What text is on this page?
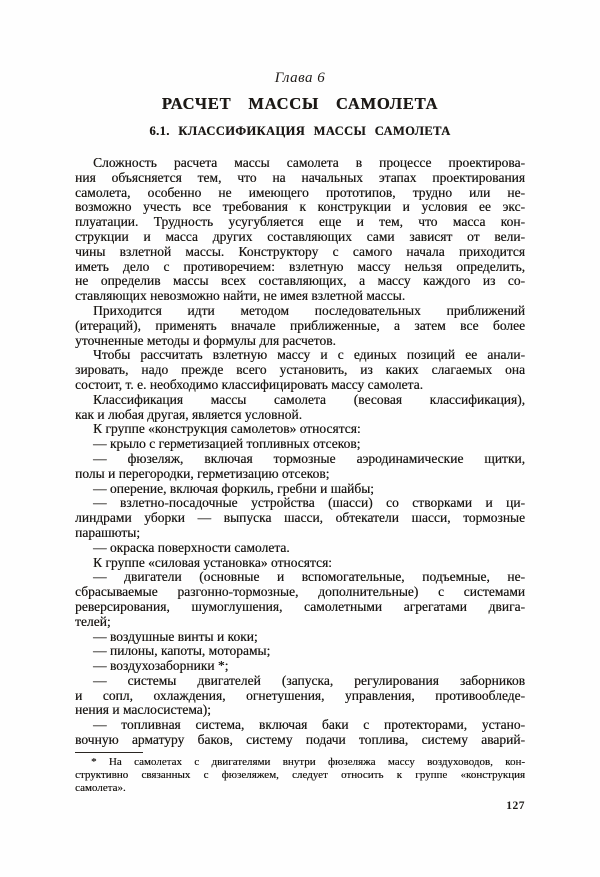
Глава 6
РАСЧЕТ МАССЫ САМОЛЕТА
6.1. КЛАССИФИКАЦИЯ МАССЫ САМОЛЕТА
Сложность расчета массы самолета в процессе проектирова-
ния объясняется тем, что на начальных этапах проектирования
самолета, особенно не имеющего прототипов, трудно или не-
возможно учесть все требования к конструкции и условия ее экс-
плуатации. Трудность усугубляется еще и тем, что масса кон-
струкции и масса других составляющих сами зависят от вели-
чины взлетной массы. Конструктору с самого начала приходится
иметь дело с противоречием: взлетную массу нельзя определить,
не определив массы всех составляющих, а массу каждого из со-
ставляющих невозможно найти, не имея взлетной массы.
Приходится идти методом последовательных приближений
(итераций), применять вначале приближенные, а затем все более
уточненные методы и формулы для расчетов.
Чтобы рассчитать взлетную массу и с единых позиций ее анали-
зировать, надо прежде всего установить, из каких слагаемых она
состоит, т. е. необходимо классифицировать массу самолета.
Классификация массы самолета (весовая классификация),
как и любая другая, является условной.
К группе «конструкция самолетов» относятся:
— крыло с герметизацией топливных отсеков;
— фюзеляж, включая тормозные аэродинамические щитки,
полы и перегородки, герметизацию отсеков;
— оперение, включая форкиль, гребни и шайбы;
— взлетно-посадочные устройства (шасси) со створками и ци-
линдрами уборки — выпуска шасси, обтекатели шасси, тормозные
парашюты;
— окраска поверхности самолета.
К группе «силовая установка» относятся:
— двигатели (основные и вспомогательные, подъемные, не-
сбрасываемые разгонно-тормозные, дополнительные) с системами
реверсирования, шумоглушения, самолетными агрегатами двига-
телей;
— воздушные винты и коки;
— пилоны, капоты, моторамы;
— воздухозаборники *;
— системы двигателей (запуска, регулирования заборников
и сопл, охлаждения, огнетушения, управления, противообледе-
нения и маслосистема);
— топливная система, включая баки с протекторами, устано-
вочную арматуру баков, систему подачи топлива, систему аварий-
* На самолетах с двигателями внутри фюзеляжа массу воздуховодов, кон-
структивно связанных с фюзеляжем, следует относить к группе «конструкция
самолета».
127
